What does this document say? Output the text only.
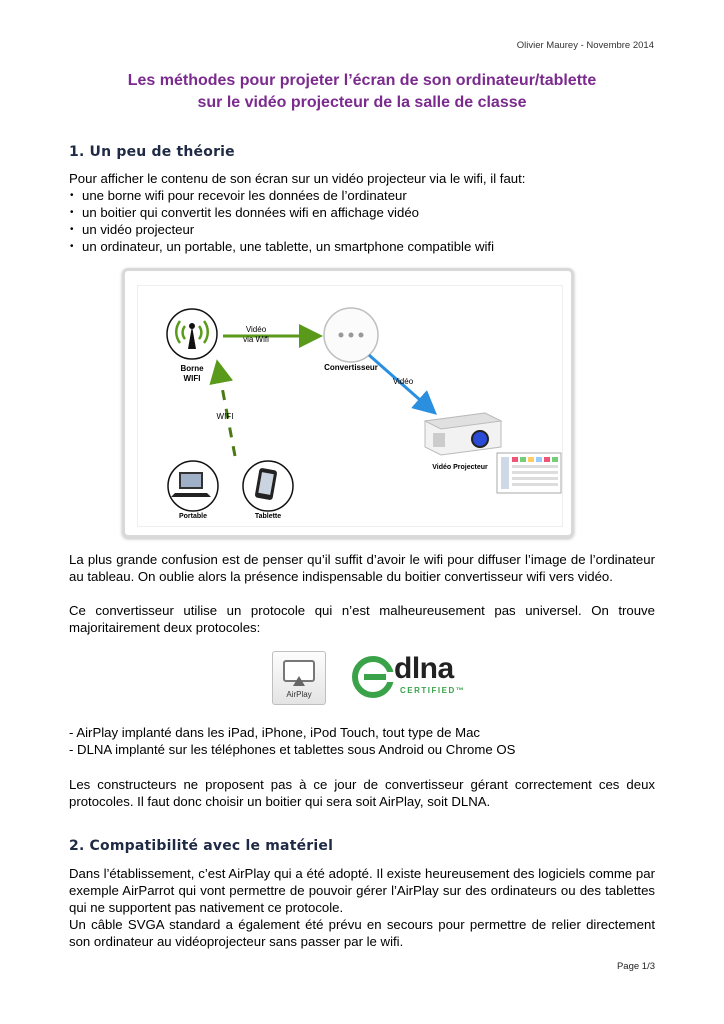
Olivier Maurey - Novembre 2014
Les méthodes pour projeter l’écran de son ordinateur/tablette
sur le vidéo projecteur de la salle de classe
1. Un peu de théorie
Pour afficher le contenu de son écran sur un vidéo projecteur via le wifi, il faut:
• une borne wifi pour recevoir les données de l’ordinateur
• un boitier qui convertit les données wifi en affichage vidéo
• un vidéo projecteur
• un ordinateur, un portable, une tablette, un smartphone compatible wifi
Borne
WIFI
Vidéo
via Wifi
Convertisseur
Vidéo
WIFI
Vidéo Projecteur
Portable	Tablette
La plus grande confusion est de penser qu’il suffit d’avoir le wifi pour diffuser l’image de l’ordinateur au tableau. On oublie alors la présence indispensable du boitier convertisseur wifi vers vidéo.
Ce convertisseur utilise un protocole qui n’est malheureusement pas universel. On trouve majoritairement deux protocoles:
AirPlay
dlna
CERTIFIED™
- AirPlay implanté dans les iPad, iPhone, iPod Touch, tout type de Mac
- DLNA implanté sur les téléphones et tablettes sous Android ou Chrome OS
Les constructeurs ne proposent pas à ce jour de convertisseur gérant correctement ces deux protocoles. Il faut donc choisir un boitier qui sera soit AirPlay, soit DLNA.
2. Compatibilité avec le matériel
Dans l’établissement, c’est AirPlay qui a été adopté. Il existe heureusement des logiciels comme par exemple AirParrot qui vont permettre de pouvoir gérer l’AirPlay sur des ordinateurs ou des tablettes qui ne supportent pas nativement ce protocole.
Un câble SVGA standard a également été prévu en secours pour permettre de relier directement son ordinateur au vidéoprojecteur sans passer par le wifi.
Page 1/3
